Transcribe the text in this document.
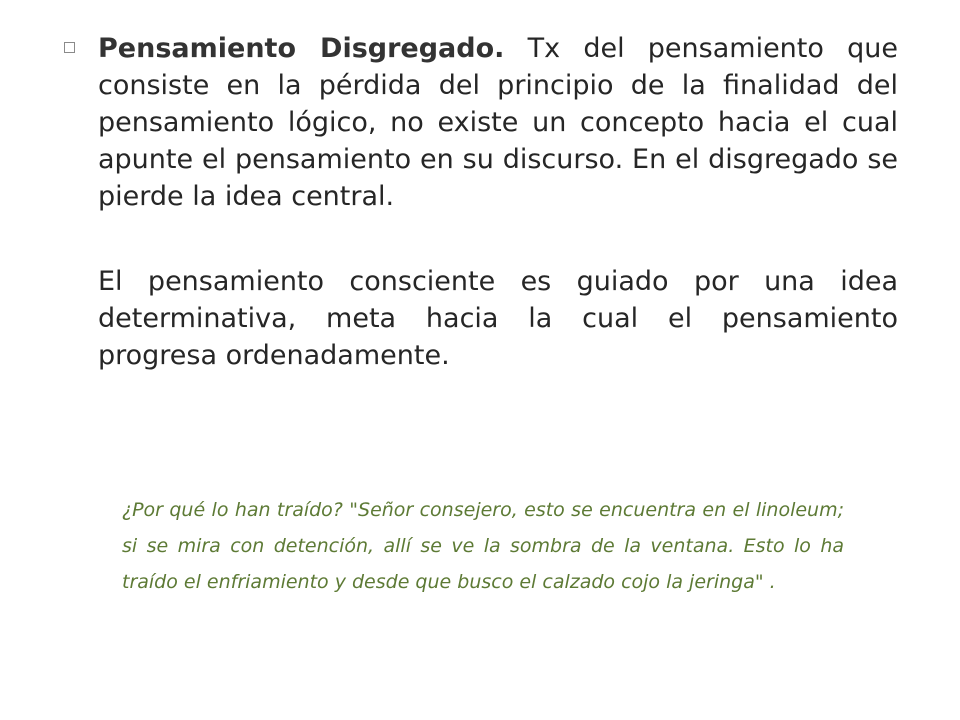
Pensamiento Disgregado. Tx del pensamiento que consiste en la pérdida del principio de la finalidad del pensamiento lógico, no existe un concepto hacia el cual apunte el pensamiento en su discurso. En el disgregado se pierde la idea central.

El pensamiento consciente es guiado por una idea determinativa, meta hacia la cual el pensamiento progresa ordenadamente.

¿Por qué lo han traído? "Señor consejero, esto se encuentra en el linoleum; si se mira con detención, allí se ve la sombra de la ventana. Esto lo ha traído el enfriamiento y desde que busco el calzado cojo la jeringa" .
